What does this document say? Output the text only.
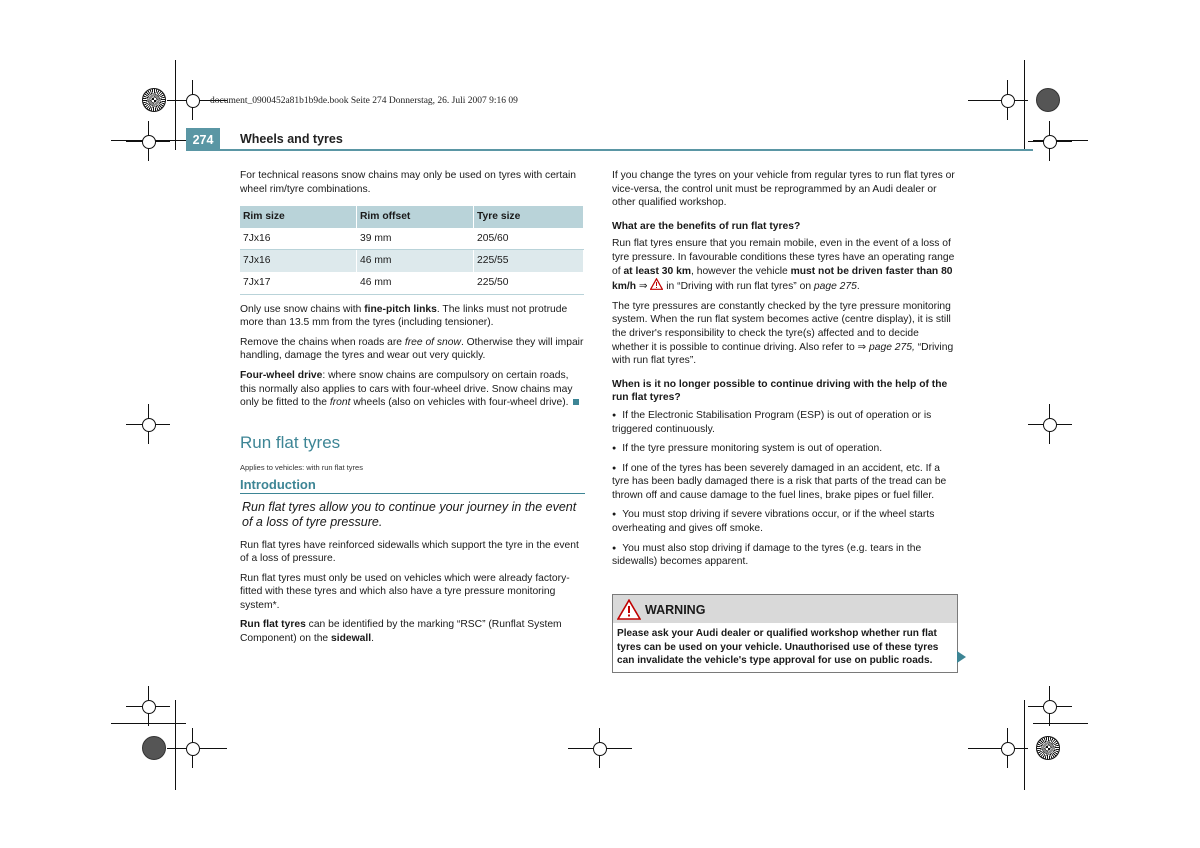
document_0900452a81b1b9de.book Seite 274 Donnerstag, 26. Juli 2007 9:16 09
274	Wheels and tyres

For technical reasons snow chains may only be used on tyres with certain wheel rim/tyre combinations.

Rim size	Rim offset	Tyre size
7Jx16	39 mm	205/60
7Jx16	46 mm	225/55
7Jx17	46 mm	225/50

Only use snow chains with fine-pitch links. The links must not protrude more than 13.5 mm from the tyres (including tensioner).

Remove the chains when roads are free of snow. Otherwise they will impair handling, damage the tyres and wear out very quickly.

Four-wheel drive: where snow chains are compulsory on certain roads, this normally also applies to cars with four-wheel drive. Snow chains may only be fitted to the front wheels (also on vehicles with four-wheel drive).

Run flat tyres
Applies to vehicles: with run flat tyres
Introduction

Run flat tyres allow you to continue your journey in the event of a loss of tyre pressure.

Run flat tyres have reinforced sidewalls which support the tyre in the event of a loss of pressure.

Run flat tyres must only be used on vehicles which were already factory-fitted with these tyres and which also have a tyre pressure monitoring system*.

Run flat tyres can be identified by the marking “RSC” (Runflat System Component) on the sidewall.

If you change the tyres on your vehicle from regular tyres to run flat tyres or vice-versa, the control unit must be reprogrammed by an Audi dealer or other qualified workshop.

What are the benefits of run flat tyres?

Run flat tyres ensure that you remain mobile, even in the event of a loss of tyre pressure. In favourable conditions these tyres have an operating range of at least 30 km, however the vehicle must not be driven faster than 80 km/h ⇒  in “Driving with run flat tyres” on page 275.

The tyre pressures are constantly checked by the tyre pressure monitoring system. When the run flat system becomes active (centre display), it is still the driver's responsibility to check the tyre(s) affected and to decide whether it is possible to continue driving. Also refer to ⇒ page 275, “Driving with run flat tyres”.

When is it no longer possible to continue driving with the help of the run flat tyres?

● If the Electronic Stabilisation Program (ESP) is out of operation or is triggered continuously.

● If the tyre pressure monitoring system is out of operation.

● If one of the tyres has been severely damaged in an accident, etc. If a tyre has been badly damaged there is a risk that parts of the tread can be thrown off and cause damage to the fuel lines, brake pipes or fuel filler.

● You must stop driving if severe vibrations occur, or if the wheel starts overheating and gives off smoke.

● You must also stop driving if damage to the tyres (e.g. tears in the sidewalls) becomes apparent.

WARNING
Please ask your Audi dealer or qualified workshop whether run flat tyres can be used on your vehicle. Unauthorised use of these tyres can invalidate the vehicle's type approval for use on public roads.
